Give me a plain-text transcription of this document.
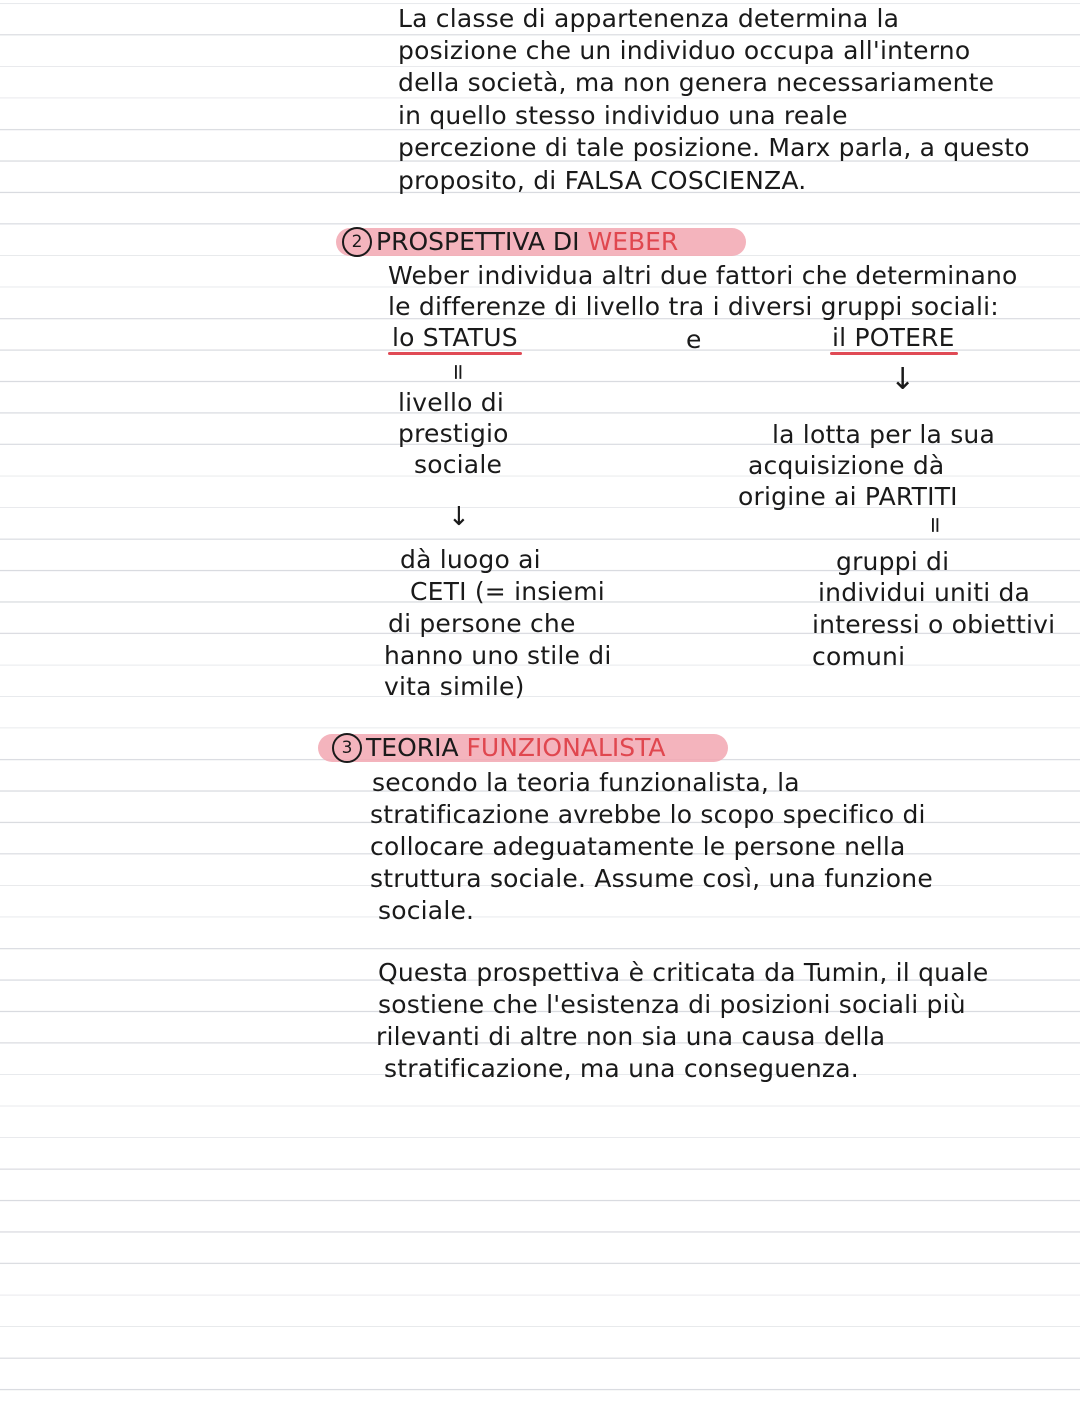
La classe di appartenenza determina la
posizione che un individuo occupa all'interno
della società, ma non genera necessariamente
in quello stesso individuo una reale
percezione di tale posizione. Marx parla, a questo
proposito, di FALSA COSCIENZA.
2 PROSPETTIVA DI WEBER
Weber individua altri due fattori che determinano
le differenze di livello tra i diversi gruppi sociali:
lo STATUS
=
livello di
prestigio
sociale
↓
dà luogo ai
CETI (= insiemi
di persone che
hanno uno stile di
vita simile)
e	il POTERE
↓
la lotta per la sua
acquisizione dà
origine ai PARTITI
=
gruppi di
individui uniti da
interessi o obiettivi
comuni
3 TEORIA FUNZIONALISTA
secondo la teoria funzionalista, la
stratificazione avrebbe lo scopo specifico di
collocare adeguatamente le persone nella
struttura sociale. Assume così, una funzione
sociale.
Questa prospettiva è criticata da Tumin, il quale
sostiene che l'esistenza di posizioni sociali più
rilevanti di altre non sia una causa della
stratificazione, ma una conseguenza.
